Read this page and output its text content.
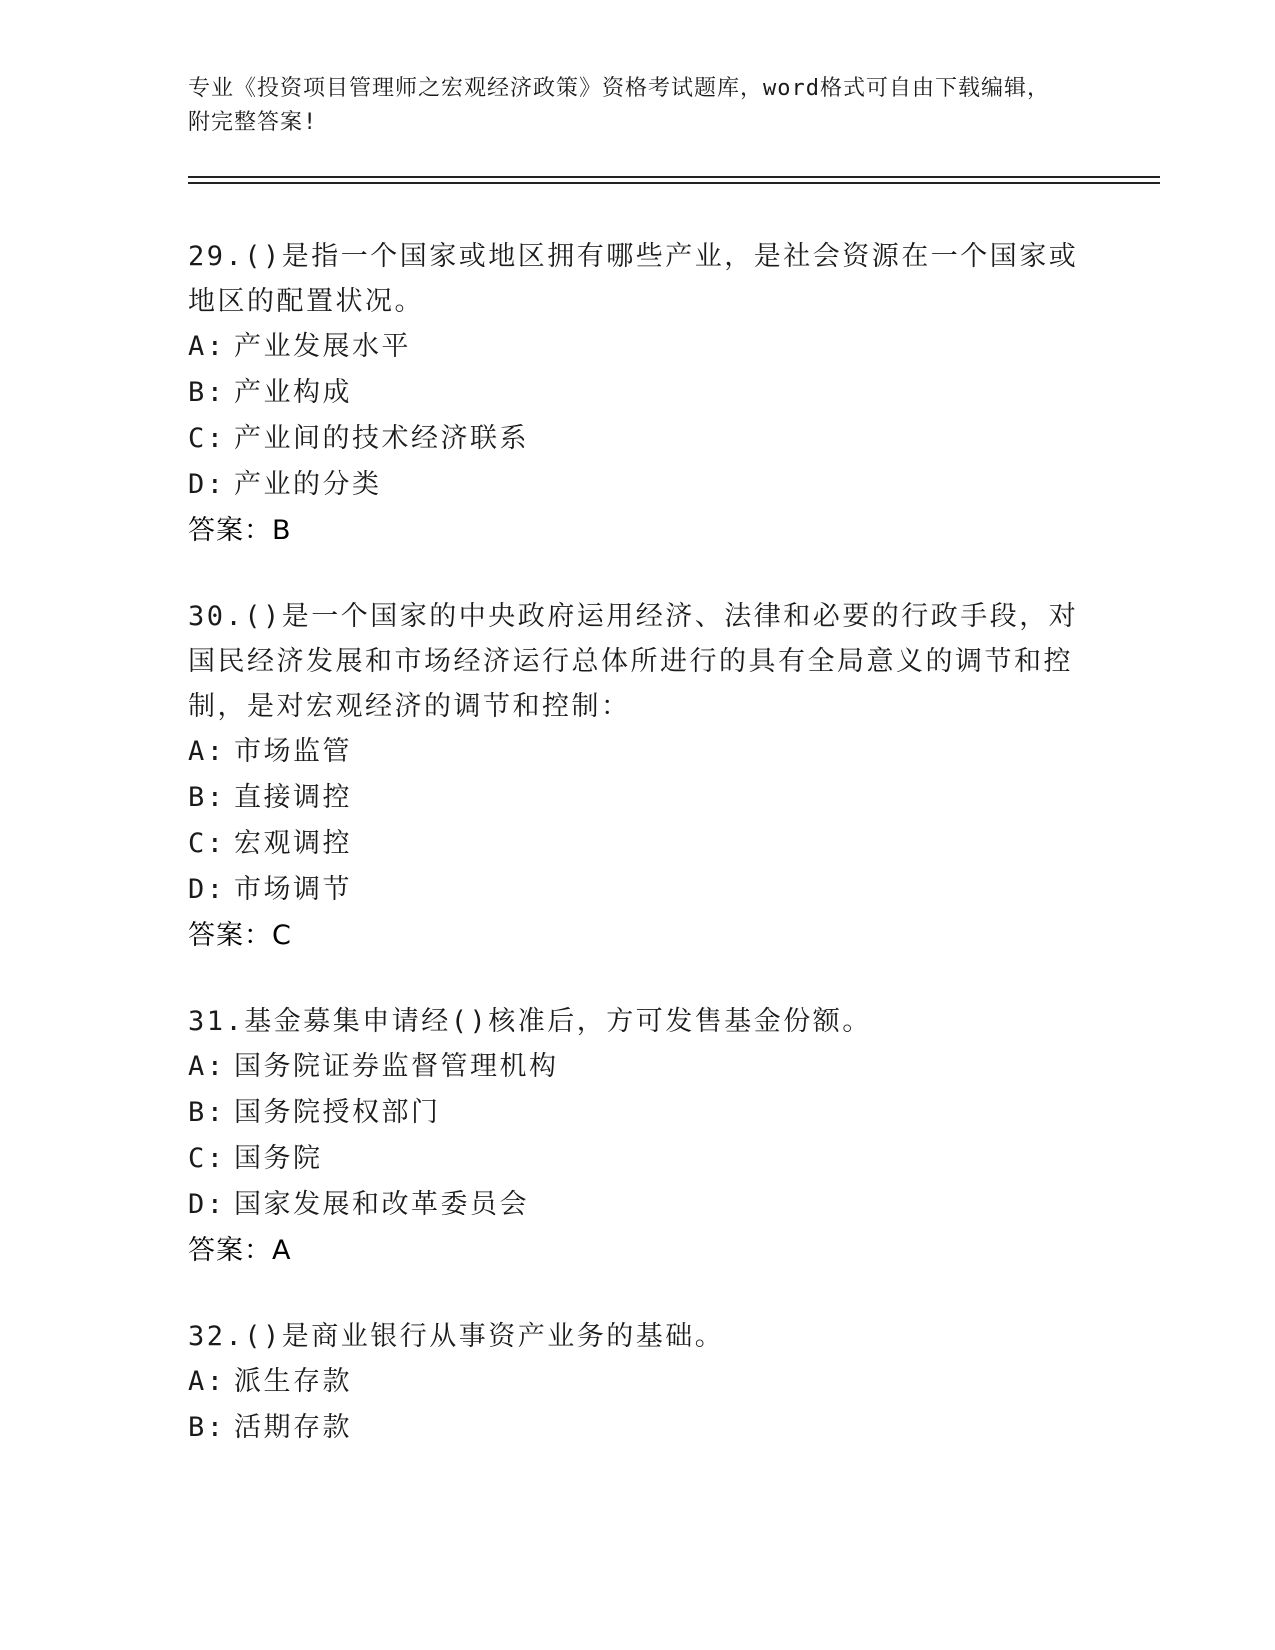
专业《投资项目管理师之宏观经济政策》资格考试题库，word格式可自由下载编辑，附完整答案!

29.()是指一个国家或地区拥有哪些产业，是社会资源在一个国家或地区的配置状况。

A: 产业发展水平

B: 产业构成

C: 产业间的技术经济联系

D: 产业的分类

答案：B

30.()是一个国家的中央政府运用经济、法律和必要的行政手段，对国民经济发展和市场经济运行总体所进行的具有全局意义的调节和控制，是对宏观经济的调节和控制：

A: 市场监管

B: 直接调控

C: 宏观调控

D: 市场调节

答案：C

31.基金募集申请经()核准后，方可发售基金份额。

A: 国务院证券监督管理机构

B: 国务院授权部门

C: 国务院

D: 国家发展和改革委员会

答案：A

32.()是商业银行从事资产业务的基础。

A: 派生存款

B: 活期存款
